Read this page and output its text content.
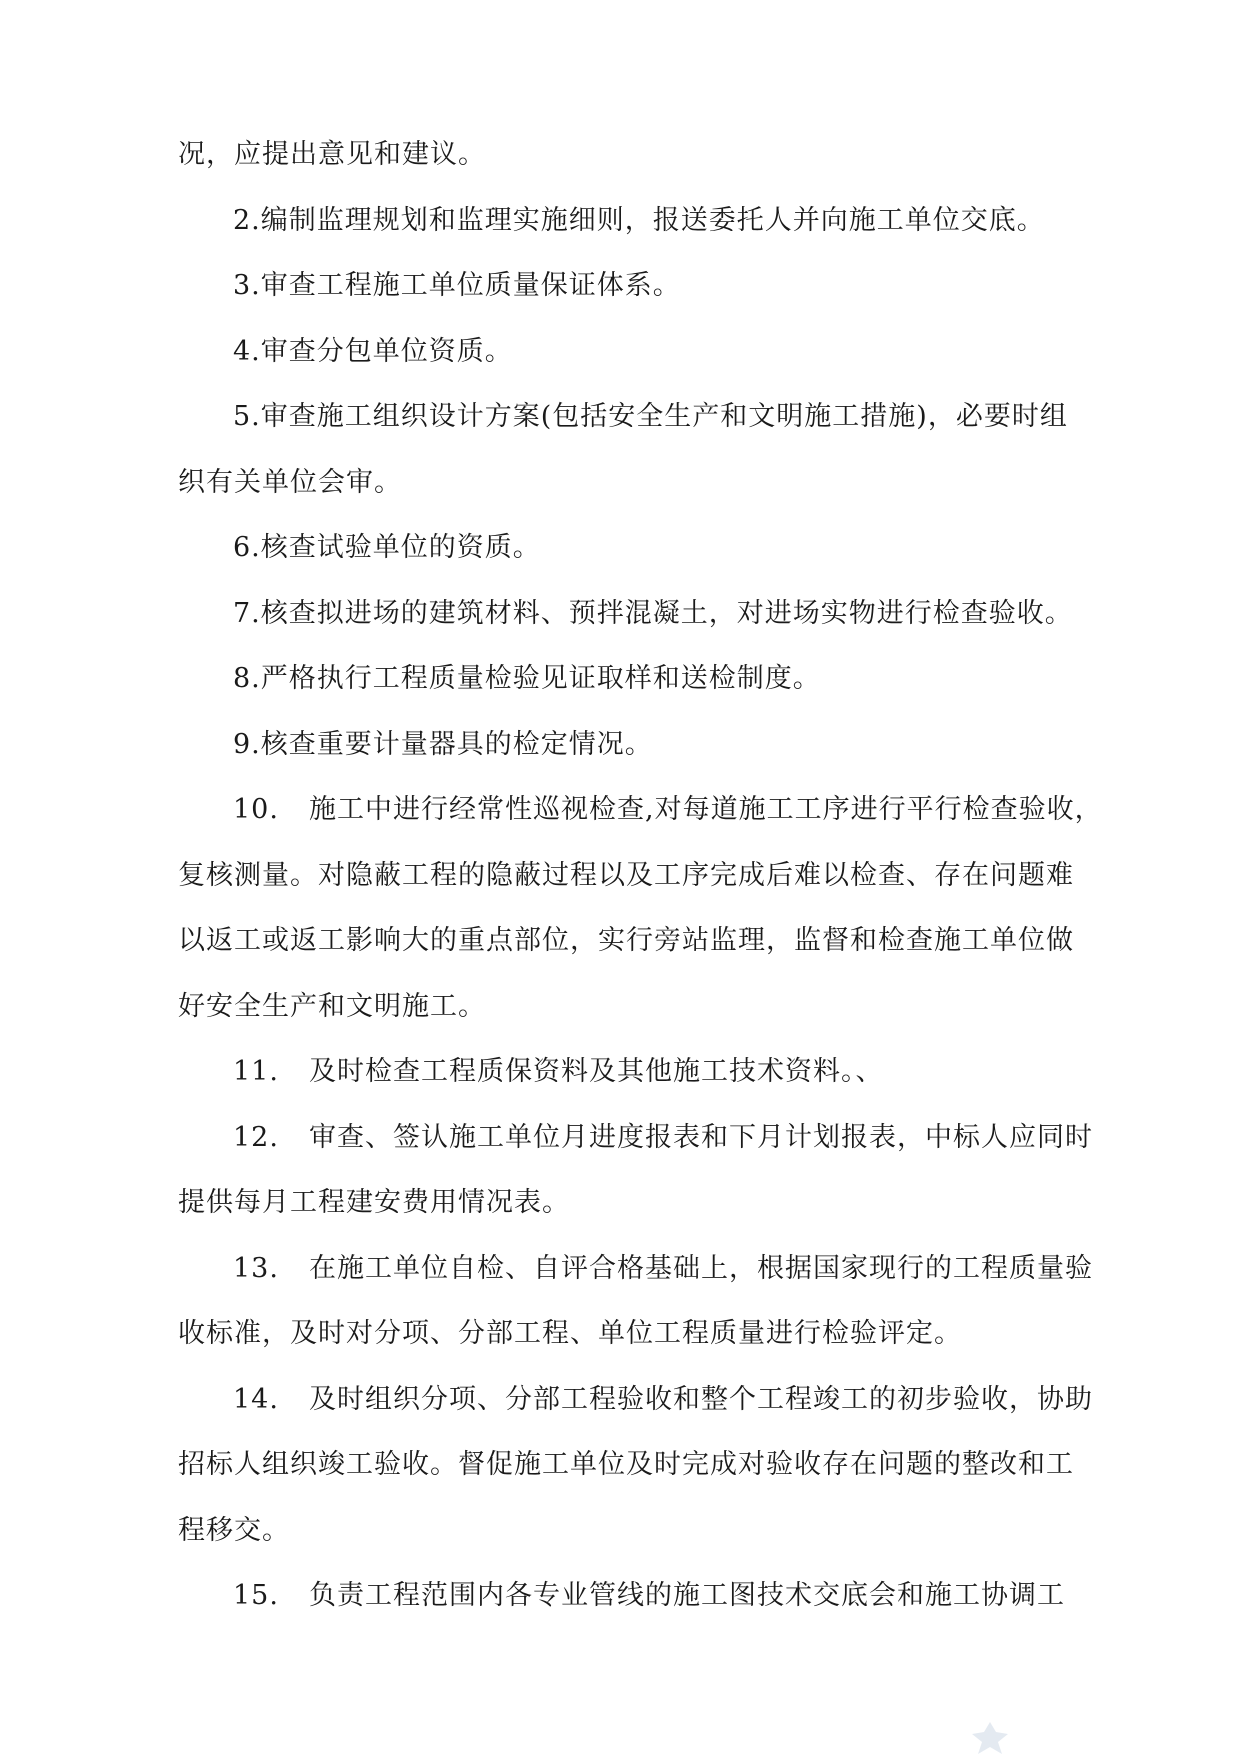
况，应提出意见和建议。
2.编制监理规划和监理实施细则，报送委托人并向施工单位交底。
3.审查工程施工单位质量保证体系。
4.审查分包单位资质。
5.审查施工组织设计方案(包括安全生产和文明施工措施)，必要时组
织有关单位会审。
6.核查试验单位的资质。
7.核查拟进场的建筑材料、预拌混凝土，对进场实物进行检查验收。
8.严格执行工程质量检验见证取样和送检制度。
9.核查重要计量器具的检定情况。
10. 施工中进行经常性巡视检查,对每道施工工序进行平行检查验收，
复核测量。对隐蔽工程的隐蔽过程以及工序完成后难以检查、存在问题难
以返工或返工影响大的重点部位，实行旁站监理，监督和检查施工单位做
好安全生产和文明施工。
11. 及时检查工程质保资料及其他施工技术资料。、
12. 审查、签认施工单位月进度报表和下月计划报表，中标人应同时
提供每月工程建安费用情况表。
13. 在施工单位自检、自评合格基础上，根据国家现行的工程质量验
收标准，及时对分项、分部工程、单位工程质量进行检验评定。
14. 及时组织分项、分部工程验收和整个工程竣工的初步验收，协助
招标人组织竣工验收。督促施工单位及时完成对验收存在问题的整改和工
程移交。
15. 负责工程范围内各专业管线的施工图技术交底会和施工协调工
